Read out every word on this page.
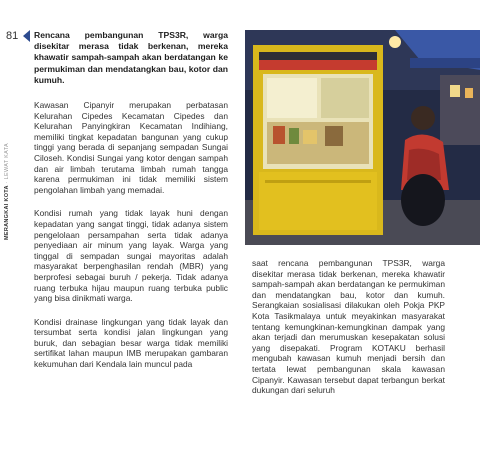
81
MERANGKAI KOTA · LEWAT KATA

Rencana pembangunan TPS3R, warga disekitar merasa tidak berkenan, mereka khawatir sampah-sampah akan berdatangan ke permukiman dan mendatangkan bau, kotor dan kumuh.

Kawasan Cipanyir merupakan perbatasan Kelurahan Cipedes Kecamatan Cipedes dan Kelurahan Panyingkiran Kecamatan Indihiang, memiliki tingkat kepadatan bangunan yang cukup tinggi yang berada di sepanjang sempadan Sungai Ciloseh. Kondisi Sungai yang kotor dengan sampah dan air limbah terutama limbah rumah tangga karena permukiman ini tidak memiliki sistem pengolahan limbah yang memadai.

Kondisi rumah yang tidak layak huni dengan kepadatan yang sangat tinggi, tidak adanya sistem pengelolaan persampahan serta tidak adanya penyediaan air minum yang layak. Warga yang tinggal di sempadan sungai mayoritas adalah masyarakat berpenghasilan rendah (MBR) yang berprofesi sebagai buruh / pekerja. Tidak adanya ruang terbuka hijau maupun ruang terbuka public yang bisa dinikmati warga.

Kondisi drainase lingkungan yang tidak layak dan tersumbat serta kondisi jalan lingkungan yang buruk, dan sebagian besar warga tidak memiliki sertifikat lahan maupun IMB merupakan gambaran kekumuhan dari Kendala lain muncul pada

saat rencana pembangunan TPS3R, warga disekitar merasa tidak berkenan, mereka khawatir sampah-sampah akan berdatangan ke permukiman dan mendatangkan bau, kotor dan kumuh. Serangkaian sosialisasi dilakukan oleh Pokja PKP Kota Tasikmalaya untuk meyakinkan masyarakat tentang kemungkinan-kemungkinan dampak yang akan terjadi dan merumuskan kesepakatan solusi yang disepakati. Program KOTAKU berhasil mengubah kawasan kumuh menjadi bersih dan tertata lewat pembangunan skala kawasan Cipanyir. Kawasan tersebut dapat terbangun berkat dukungan dari seluruh
